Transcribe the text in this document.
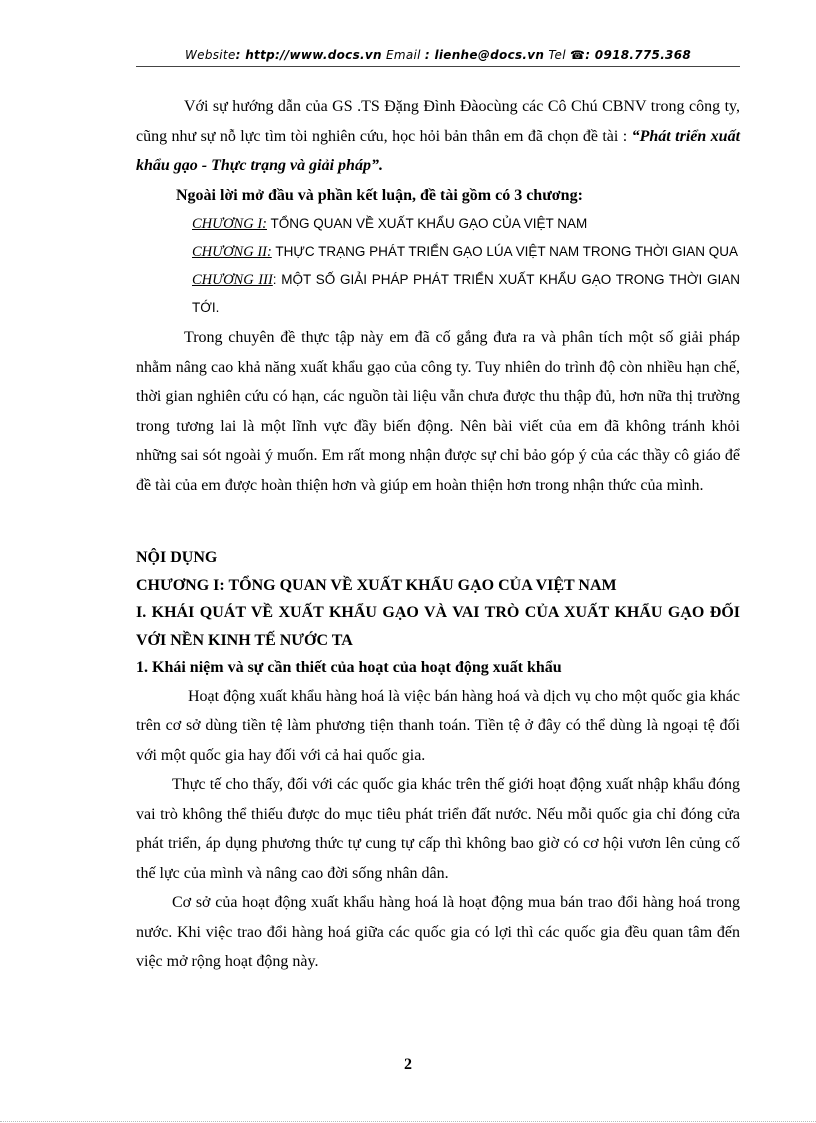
Website: http://www.docs.vn Email : lienhe@docs.vn Tel ☎: 0918.775.368

Với sự hướng dẫn của GS .TS Đặng Đình Đàocùng các Cô Chú CBNV trong công ty, cũng như sự nỗ lực tìm tòi nghiên cứu, học hỏi bản thân em đã chọn đề tài : “Phát triển xuất khẩu gạo - Thực trạng và giải pháp”.

Ngoài lời mở đầu và phần kết luận, đề tài gồm có 3 chương:

CHƯƠNG I: TỔNG QUAN VỀ XUẤT KHẨU GẠO CỦA VIỆT NAM

CHƯƠNG II: THỰC TRẠNG PHÁT TRIỂN GẠO LÚA VIỆT NAM TRONG THỜI GIAN QUA

CHƯƠNG III: MỘT SỐ GIẢI PHÁP PHÁT TRIỂN XUẤT KHẨU GẠO TRONG THỜI GIAN TỚI.

Trong chuyên đề thực tập này em đã cố gắng đưa ra và phân tích một số giải pháp nhằm nâng cao khả năng xuất khẩu gạo của công ty. Tuy nhiên do trình độ còn nhiều hạn chế, thời gian nghiên cứu có hạn, các nguồn tài liệu vẫn chưa được thu thập đủ, hơn nữa thị trường trong tương lai là một lĩnh vực đầy biến động. Nên bài viết của em đã không tránh khỏi những sai sót ngoài ý muốn. Em rất mong nhận được sự chỉ bảo góp ý của các thầy cô giáo để đề tài của em được hoàn thiện hơn và giúp em hoàn thiện hơn trong nhận thức của mình.

NỘI DỤNG

CHƯƠNG I: TỔNG QUAN VỀ XUẤT KHẨU GẠO CỦA VIỆT NAM

I. KHÁI QUÁT VỀ XUẤT KHẨU GẠO VÀ VAI TRÒ CỦA XUẤT KHẨU GẠO ĐỐI VỚI NỀN KINH TẾ NƯỚC TA

1. Khái niệm và sự cần thiết của hoạt của hoạt động xuất khẩu

Hoạt động xuất khẩu hàng hoá là việc bán hàng hoá và dịch vụ cho một quốc gia khác trên cơ sở dùng tiền tệ làm phương tiện thanh toán. Tiền tệ ở đây có thể dùng là ngoại tệ đối với một quốc gia hay đối với cả hai quốc gia.

Thực tế cho thấy, đối với các quốc gia khác trên thế giới hoạt động xuất nhập khẩu đóng vai trò không thể thiếu được do mục tiêu phát triển đất nước. Nếu mỗi quốc gia chỉ đóng cửa phát triển, áp dụng phương thức tự cung tự cấp thì không bao giờ có cơ hội vươn lên củng cố thế lực của mình và nâng cao đời sống nhân dân.

Cơ sở của hoạt động xuất khẩu hàng hoá là hoạt động mua bán trao đổi hàng hoá trong nước. Khi việc trao đổi hàng hoá giữa các quốc gia có lợi thì các quốc gia đều quan tâm đến việc mở rộng hoạt động này.

2
